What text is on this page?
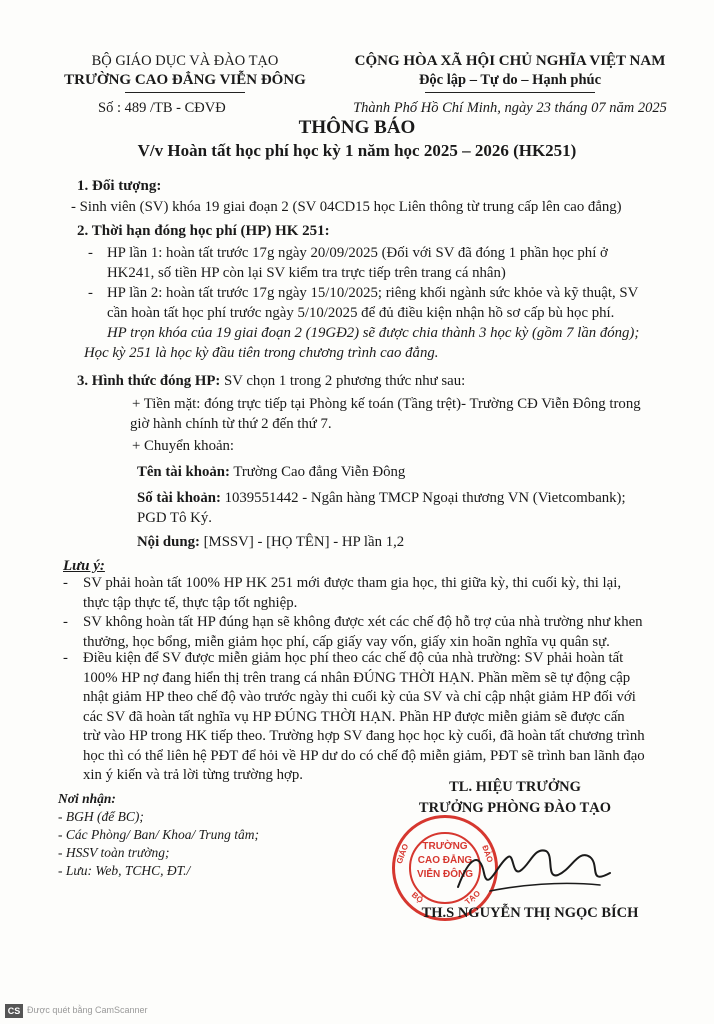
BỘ GIÁO DỤC VÀ ĐÀO TẠO
TRƯỜNG CAO ĐẲNG VIỄN ĐÔNG
Số : 489 /TB - CĐVĐ
CỘNG HÒA XÃ HỘI CHỦ NGHĨA VIỆT NAM
Độc lập – Tự do – Hạnh phúc
Thành Phố Hồ Chí Minh, ngày 23 tháng 07 năm 2025
THÔNG BÁO
V/v Hoàn tất học phí học kỳ 1 năm học 2025 – 2026 (HK251)
1. Đối tượng:
- Sinh viên (SV) khóa 19 giai đoạn 2 (SV 04CD15 học Liên thông từ trung cấp lên cao đẳng)
2. Thời hạn đóng học phí (HP) HK 251:
- HP lần 1: hoàn tất trước 17g ngày 20/09/2025 (Đối với SV đã đóng 1 phần học phí ở
HK241, số tiền HP còn lại SV kiểm tra trực tiếp trên trang cá nhân)
- HP lần 2: hoàn tất trước 17g ngày 15/10/2025; riêng khối ngành sức khỏe và kỹ thuật, SV
cần hoàn tất học phí trước ngày 5/10/2025 để đủ điều kiện nhận hồ sơ cấp bù học phí.
HP trọn khóa của 19 giai đoạn 2 (19GĐ2) sẽ được chia thành 3 học kỳ (gồm 7 lần đóng);
Học kỳ 251 là học kỳ đầu tiên trong chương trình cao đẳng.
3. Hình thức đóng HP: SV chọn 1 trong 2 phương thức như sau:
+ Tiền mặt: đóng trực tiếp tại Phòng kế toán (Tầng trệt)- Trường CĐ Viễn Đông trong
giờ hành chính từ thứ 2 đến thứ 7.
+ Chuyển khoản:
Tên tài khoản: Trường Cao đẳng Viễn Đông
Số tài khoản: 1039551442 - Ngân hàng TMCP Ngoại thương VN (Vietcombank);
PGD Tô Ký.
Nội dung: [MSSV] - [HỌ TÊN] - HP lần 1,2
Lưu ý:
- SV phải hoàn tất 100% HP HK 251 mới được tham gia học, thi giữa kỳ, thi cuối kỳ, thi lại,
thực tập thực tế, thực tập tốt nghiệp.
- SV không hoàn tất HP đúng hạn sẽ không được xét các chế độ hỗ trợ của nhà trường như khen
thưởng, học bổng, miễn giảm học phí, cấp giấy vay vốn, giấy xin hoãn nghĩa vụ quân sự.
- Điều kiện để SV được miễn giảm học phí theo các chế độ của nhà trường: SV phải hoàn tất
100% HP nợ đang hiển thị trên trang cá nhân ĐÚNG THỜI HẠN. Phần mềm sẽ tự động cập
nhật giảm HP theo chế độ vào trước ngày thi cuối kỳ của SV và chỉ cập nhật giảm HP đối với
các SV đã hoàn tất nghĩa vụ HP ĐÚNG THỜI HẠN. Phần HP được miễn giảm sẽ được cấn
trừ vào HP trong HK tiếp theo. Trường hợp SV đang học học kỳ cuối, đã hoàn tất chương trình
học thì có thể liên hệ PĐT để hỏi về HP dư do có chế độ miễn giảm, PĐT sẽ trình ban lãnh đạo
xin ý kiến và trả lời từng trường hợp.
Nơi nhận:
- BGH (để BC);
- Các Phòng/ Ban/ Khoa/ Trung tâm;
- HSSV toàn trường;
- Lưu: Web, TCHC, ĐT./
TL. HIỆU TRƯỞNG
TRƯỞNG PHÒNG ĐÀO TẠO
TRƯỜNG
CAO ĐẲNG
VIỄN ĐÔNG
GIÁO	ĐÀO
BỘ	TẠO
TH.S NGUYỄN THỊ NGỌC BÍCH
CS Được quét bằng CamScanner
